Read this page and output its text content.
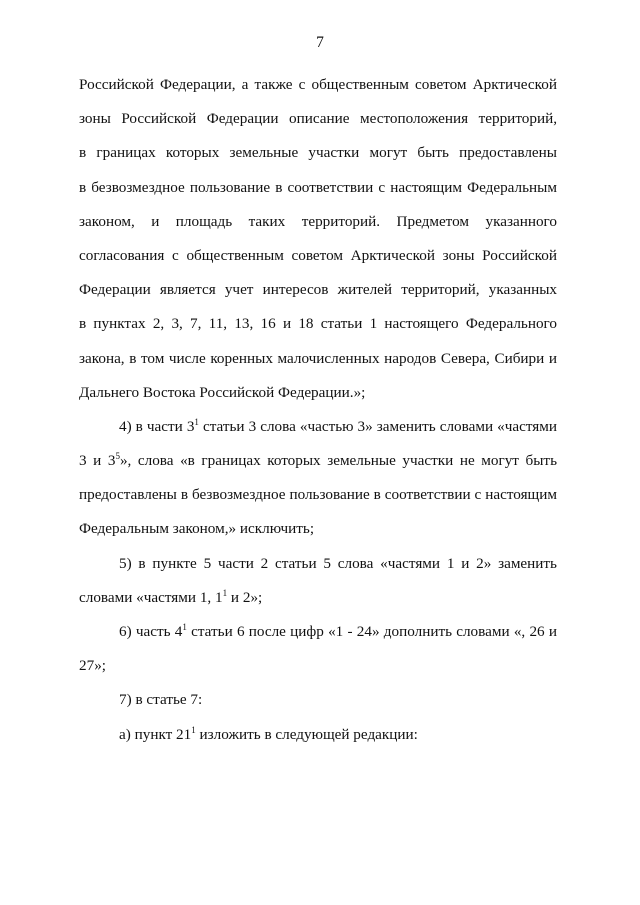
7
Российской Федерации, а также с общественным советом Арктической
зоны Российской Федерации описание местоположения территорий,
в границах которых земельные участки могут быть предоставлены
в безвозмездное пользование в соответствии с настоящим Федеральным
законом, и площадь таких территорий. Предметом указанного
согласования с общественным советом Арктической зоны Российской
Федерации является учет интересов жителей территорий, указанных
в пунктах 2, 3, 7, 11, 13, 16 и 18 статьи 1 настоящего Федерального
закона, в том числе коренных малочисленных народов Севера, Сибири и
Дальнего Востока Российской Федерации.»;
4) в части $3^1$ статьи 3 слова «частью 3» заменить словами «частями
3 и $3^5$», слова «в границах которых земельные участки не могут быть
предоставлены в безвозмездное пользование в соответствии с настоящим
Федеральным законом,» исключить;
5) в пункте 5 части 2 статьи 5 слова «частями 1 и 2» заменить
словами «частями 1, $1^1$ и 2»;
6) часть $4^1$ статьи 6 после цифр «1 - 24» дополнить словами «, 26 и
27»;
7) в статье 7:
а) пункт $21^1$ изложить в следующей редакции:
